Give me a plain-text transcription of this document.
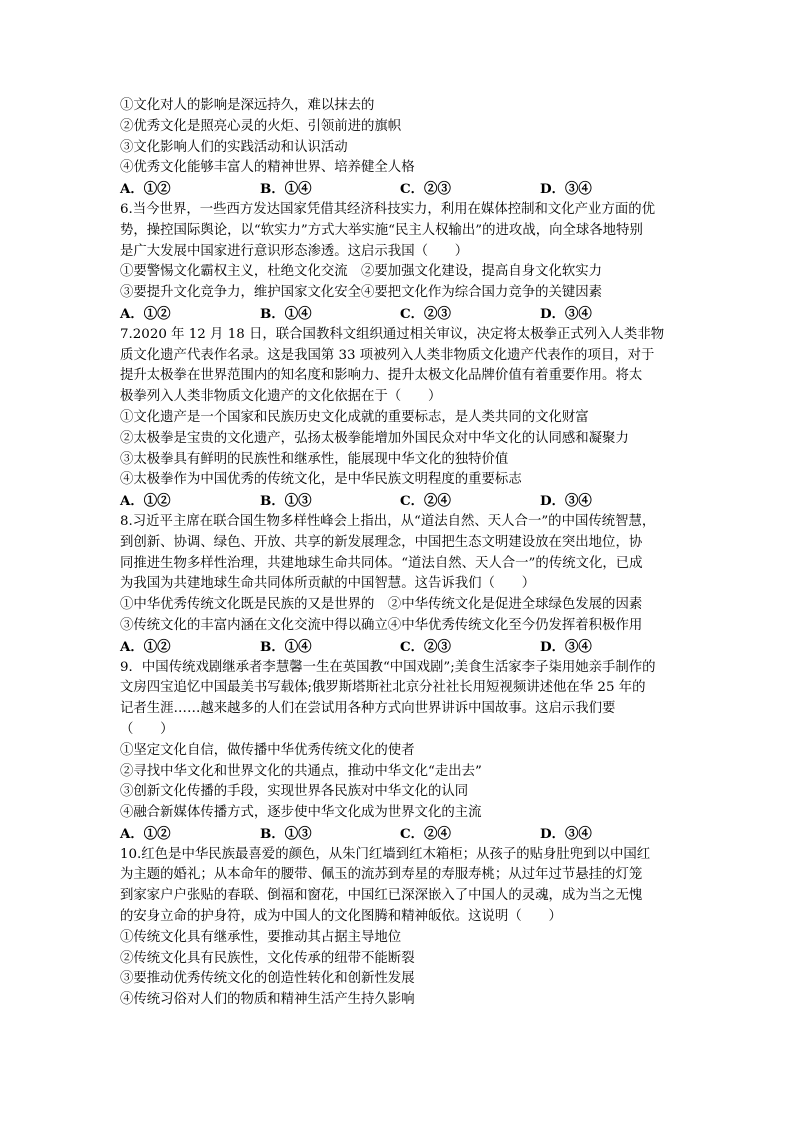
①文化对人的影响是深远持久，难以抹去的
②优秀文化是照亮心灵的火炬、引领前进的旗帜
③文化影响人们的实践活动和认识活动
④优秀文化能够丰富人的精神世界、培养健全人格
A．①②	B．①④	C．②③	D．③④
6.当今世界，一些西方发达国家凭借其经济科技实力，利用在媒体控制和文化产业方面的优
势，操控国际舆论，以“软实力”方式大举实施“民主人权输出”的进攻战，向全球各地特别
是广大发展中国家进行意识形态渗透。这启示我国（　　）
①要警惕文化霸权主义，杜绝文化交流　②要加强文化建设，提高自身文化软实力
③要提升文化竞争力，维护国家文化安全④要把文化作为综合国力竞争的关键因素
A．①②	B．①④	C．②③	D．③④
7.2020 年 12 月 18 日，联合国教科文组织通过相关审议，决定将太极拳正式列入人类非物
质文化遗产代表作名录。这是我国第 33 项被列入人类非物质文化遗产代表作的项目，对于
提升太极拳在世界范围内的知名度和影响力、提升太极文化品牌价值有着重要作用。将太
极拳列入人类非物质文化遗产的文化依据在于（　　）
①文化遗产是一个国家和民族历史文化成就的重要标志，是人类共同的文化财富
②太极拳是宝贵的文化遗产，弘扬太极拳能增加外国民众对中华文化的认同感和凝聚力
③太极拳具有鲜明的民族性和继承性，能展现中华文化的独特价值
④太极拳作为中国优秀的传统文化，是中华民族文明程度的重要标志
A．①②	B．①③	C．②④	D．③④
8.习近平主席在联合国生物多样性峰会上指出，从“道法自然、天人合一”的中国传统智慧，
到创新、协调、绿色、开放、共享的新发展理念，中国把生态文明建设放在突出地位，协
同推进生物多样性治理，共建地球生命共同体。“道法自然、天人合一”的传统文化，已成
为我国为共建地球生命共同体所贡献的中国智慧。这告诉我们（　　）
①中华优秀传统文化既是民族的又是世界的　②中华传统文化是促进全球绿色发展的因素
③传统文化的丰富内涵在文化交流中得以确立④中华优秀传统文化至今仍发挥着积极作用
A．①②	B．①④	C．②③	D．③④
9．中国传统戏剧继承者李慧馨一生在英国教“中国戏剧”;美食生活家李子柒用她亲手制作的
文房四宝追忆中国最美书写载体;俄罗斯塔斯社北京分社社长用短视频讲述他在华 25 年的
记者生涯……越来越多的人们在尝试用各种方式向世界讲诉中国故事。这启示我们要
（　　）
①坚定文化自信，做传播中华优秀传统文化的使者
②寻找中华文化和世界文化的共通点，推动中华文化“走出去”
③创新文化传播的手段，实现世界各民族对中华文化的认同
④融合新媒体传播方式，逐步使中华文化成为世界文化的主流
A．①②	B．①③	C．②④	D．③④
10.红色是中华民族最喜爱的颜色，从朱门红墙到红木箱柜；从孩子的贴身肚兜到以中国红
为主题的婚礼；从本命年的腰带、佩玉的流苏到寿星的寿服寿桃；从过年过节悬挂的灯笼
到家家户户张贴的春联、倒福和窗花，中国红已深深嵌入了中国人的灵魂，成为当之无愧
的安身立命的护身符，成为中国人的文化图腾和精神皈依。这说明（　　）
①传统文化具有继承性，要推动其占据主导地位
②传统文化具有民族性，文化传承的纽带不能断裂
③要推动优秀传统文化的创造性转化和创新性发展
④传统习俗对人们的物质和精神生活产生持久影响
